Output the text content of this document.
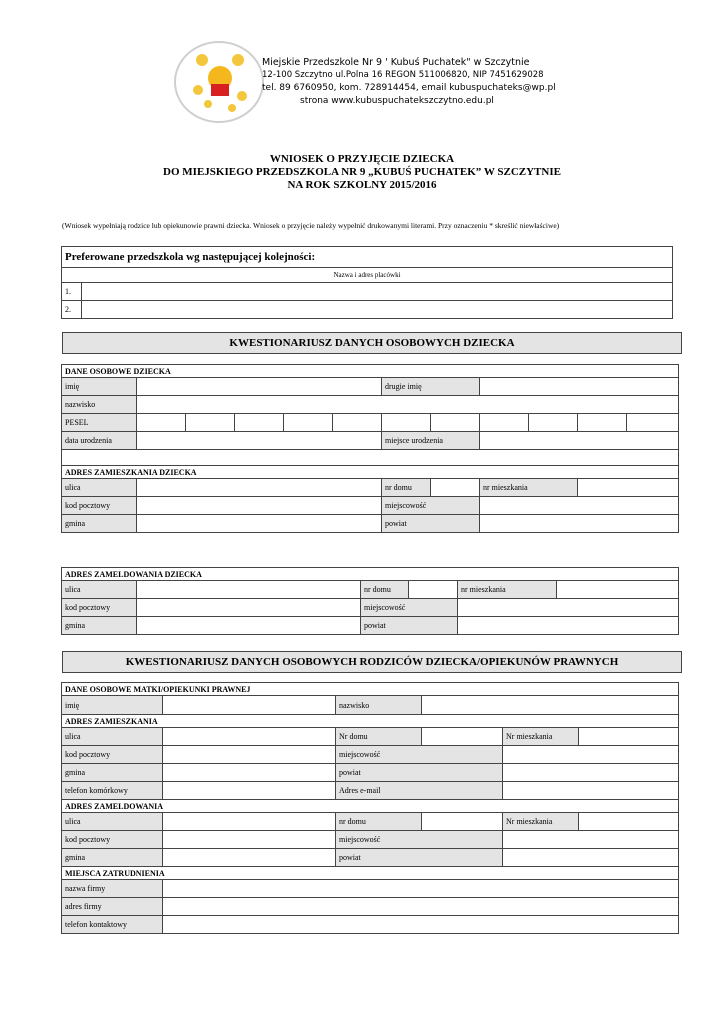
Miejskie Przedszkole Nr 9 ' Kubuś Puchatek" w Szczytnie
12-100 Szczytno ul.Polna 16 REGON 511006820, NIP 7451629028
tel. 89 6760950, kom. 728914454, email kubuspuchateks@wp.pl
strona www.kubuspuchatekszczytno.edu.pl
WNIOSEK O PRZYJĘCIE DZIECKA
DO MIEJSKIEGO PRZEDSZKOLA NR 9 „KUBUŚ PUCHATEK” W SZCZYTNIE
NA ROK SZKOLNY 2015/2016
(Wniosek wypełniają rodzice lub opiekunowie prawni dziecka. Wniosek o przyjęcie należy wypełnić drukowanymi literami. Przy oznaczeniu * skreślić niewłaściwe)
Preferowane przedszkola wg następującej kolejności:	
Nazwa i adres placówki	
1.	
2.	
KWESTIONARIUSZ DANYCH OSOBOWYCH DZIECKA
DANE OSOBOWE DZIECKA											
imię						drugie imię					
nazwisko											
PESEL											
data urodzenia						miejsce urodzenia					

ADRES ZAMIESZKANIA DZIECKA											
ulica						nr domu		nr mieszkania			
kod pocztowy						miejscowość					
gmina						powiat					
ADRES ZAMELDOWANIA DZIECKA					
ulica		nr domu		nr mieszkania	
kod pocztowy		miejscowość			
gmina		powiat			
KWESTIONARIUSZ DANYCH OSOBOWYCH RODZICÓW DZIECKA/OPIEKUNÓW PRAWNYCH
DANE OSOBOWE MATKI/OPIEKUNKI PRAWNEJ					
imię		nazwisko			
ADRES ZAMIESZKANIA					
ulica		Nr domu		Nr mieszkania	
kod pocztowy		miejscowość			
gmina		powiat			
telefon komórkowy		Adres e-mail			
ADRES ZAMELDOWANIA					
ulica		nr domu		Nr mieszkania	
kod pocztowy		miejscowość			
gmina		powiat			
MIEJSCA ZATRUDNIENIA					
nazwa firmy					
adres firmy					
telefon kontaktowy					
